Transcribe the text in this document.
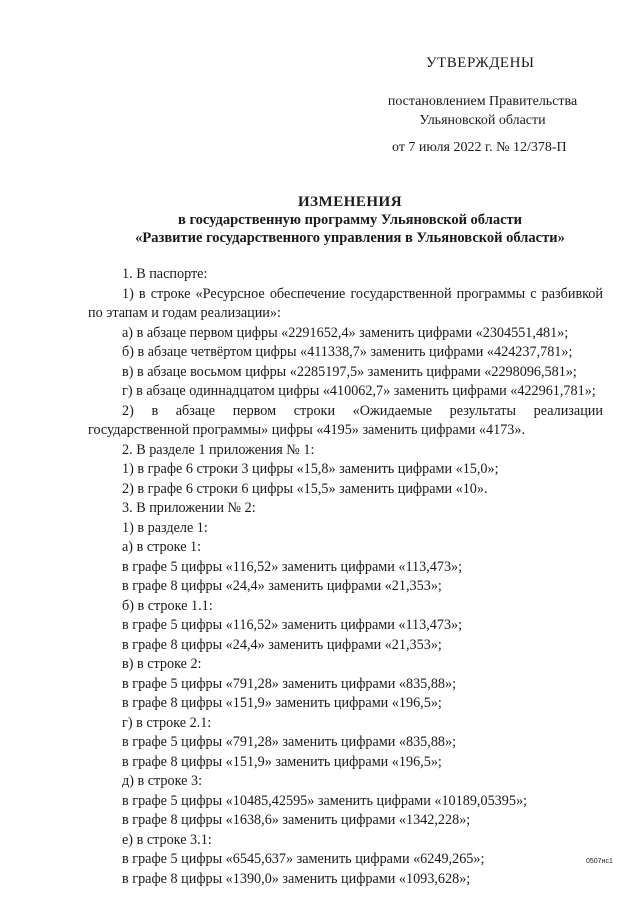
УТВЕРЖДЕНЫ
постановлением Правительства
Ульяновской области
от 7 июля 2022 г. № 12/378-П
ИЗМЕНЕНИЯ
в государственную программу Ульяновской области
«Развитие государственного управления в Ульяновской области»

1. В паспорте:

1) в строке «Ресурсное обеспечение государственной программы с разбивкой по этапам и годам реализации»:

а) в абзаце первом цифры «2291652,4» заменить цифрами «2304551,481»;

б) в абзаце четвёртом цифры «411338,7» заменить цифрами «424237,781»;

в) в абзаце восьмом цифры «2285197,5» заменить цифрами «2298096,581»;

г) в абзаце одиннадцатом цифры «410062,7» заменить цифрами «422961,781»;

2) в абзаце первом строки «Ожидаемые результаты реализации государственной программы» цифры «4195» заменить цифрами «4173».

2. В разделе 1 приложения № 1:

1) в графе 6 строки 3 цифры «15,8» заменить цифрами «15,0»;

2) в графе 6 строки 6 цифры «15,5» заменить цифрами «10».

3. В приложении № 2:

1) в разделе 1:

а) в строке 1:

в графе 5 цифры «116,52» заменить цифрами «113,473»;

в графе 8 цифры «24,4» заменить цифрами «21,353»;

б) в строке 1.1:

в графе 5 цифры «116,52» заменить цифрами «113,473»;

в графе 8 цифры «24,4» заменить цифрами «21,353»;

в) в строке 2:

в графе 5 цифры «791,28» заменить цифрами «835,88»;

в графе 8 цифры «151,9» заменить цифрами «196,5»;

г) в строке 2.1:

в графе 5 цифры «791,28» заменить цифрами «835,88»;

в графе 8 цифры «151,9» заменить цифрами «196,5»;

д) в строке 3:

в графе 5 цифры «10485,42595» заменить цифрами «10189,05395»;

в графе 8 цифры «1638,6» заменить цифрами «1342,228»;

е) в строке 3.1:

в графе 5 цифры «6545,637» заменить цифрами «6249,265»;

в графе 8 цифры «1390,0» заменить цифрами «1093,628»;

0507нс1
